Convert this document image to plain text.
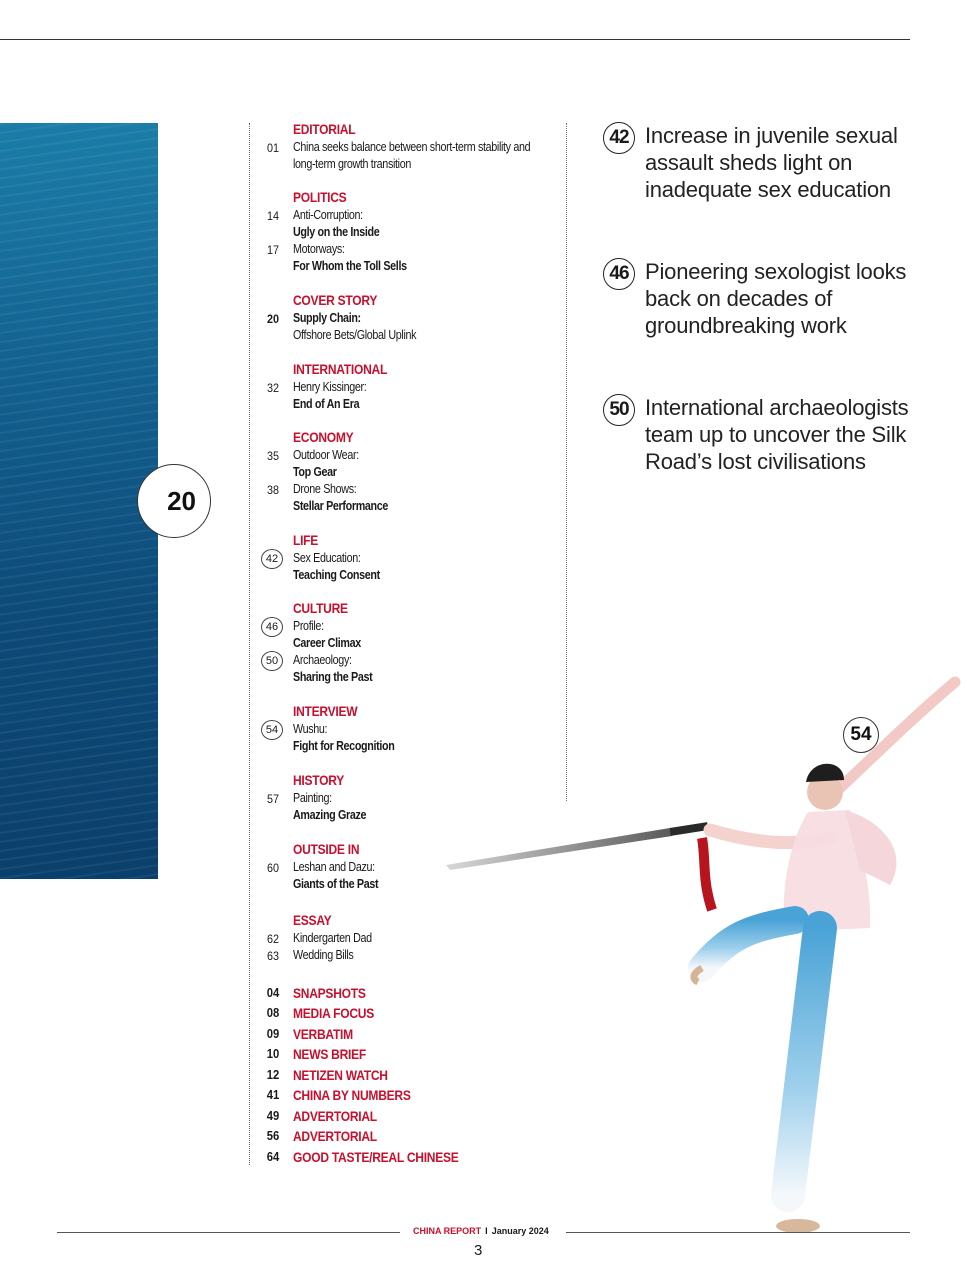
20
EDITORIAL
01 China seeks balance between short-term stability and
long-term growth transition
POLITICS
14 Anti-Corruption:
Ugly on the Inside
17 Motorways:
For Whom the Toll Sells
COVER STORY
20 Supply Chain:
Offshore Bets/Global Uplink
INTERNATIONAL
32 Henry Kissinger:
End of An Era
ECONOMY
35 Outdoor Wear:
Top Gear
38 Drone Shows:
Stellar Performance
LIFE
42	Sex Education:
Teaching Consent
CULTURE
46	Profile:
Career Climax
50	Archaeology:
Sharing the Past
INTERVIEW
54	Wushu:
Fight for Recognition
HISTORY
57 Painting:
Amazing Graze
OUTSIDE IN
60 Leshan and Dazu:
Giants of the Past
ESSAY
62 Kindergarten Dad
63 Wedding Bills
04 SNAPSHOTS
08 MEDIA FOCUS
09 VERBATIM
10 NEWS BRIEF
12 NETIZEN WATCH
41 CHINA BY NUMBERS
49 ADVERTORIAL
56 ADVERTORIAL
64 GOOD TASTE/REAL CHINESE
42 Increase in juvenile sexual assault sheds light on inadequate sex education
46 Pioneering sexologist looks back on decades of groundbreaking work
50 International archaeologists team up to uncover the Silk Road’s lost civilisations
54
CHINA REPORT I January 2024
3
